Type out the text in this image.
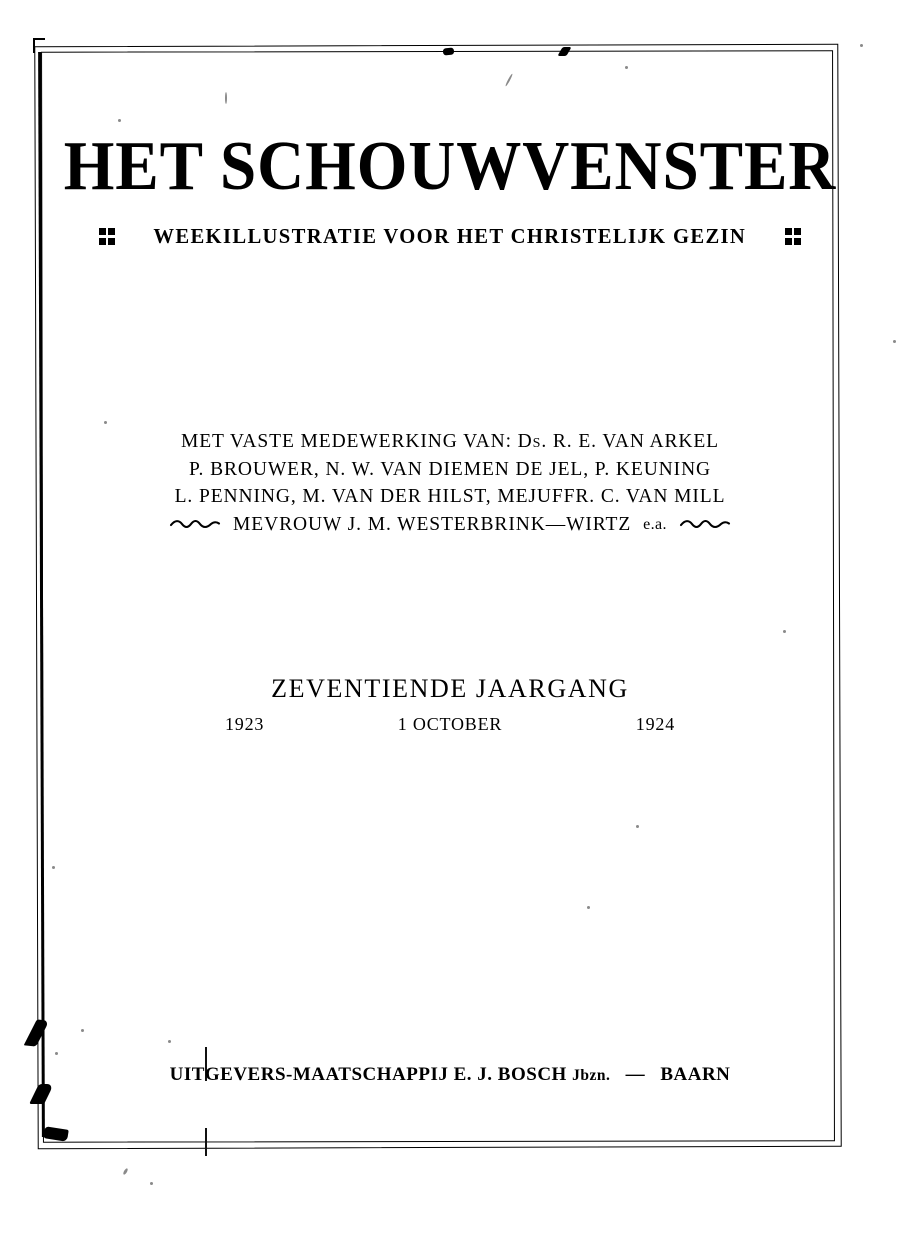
HET SCHOUWVENSTER
WEEKILLUSTRATIE VOOR HET CHRISTELIJK GEZIN
MET VASTE MEDEWERKING VAN: Ds. R. E. VAN ARKEL
P. BROUWER, N. W. VAN DIEMEN DE JEL, P. KEUNING
L. PENNING, M. VAN DER HILST, MEJUFFR. C. VAN MILL
MEVROUW J. M. WESTERBRINK—WIRTZ e.a.
ZEVENTIENDE JAARGANG
1923	1 OCTOBER	1924
UITGEVERS-MAATSCHAPPIJ E. J. BOSCH Jbzn. — BAARN
